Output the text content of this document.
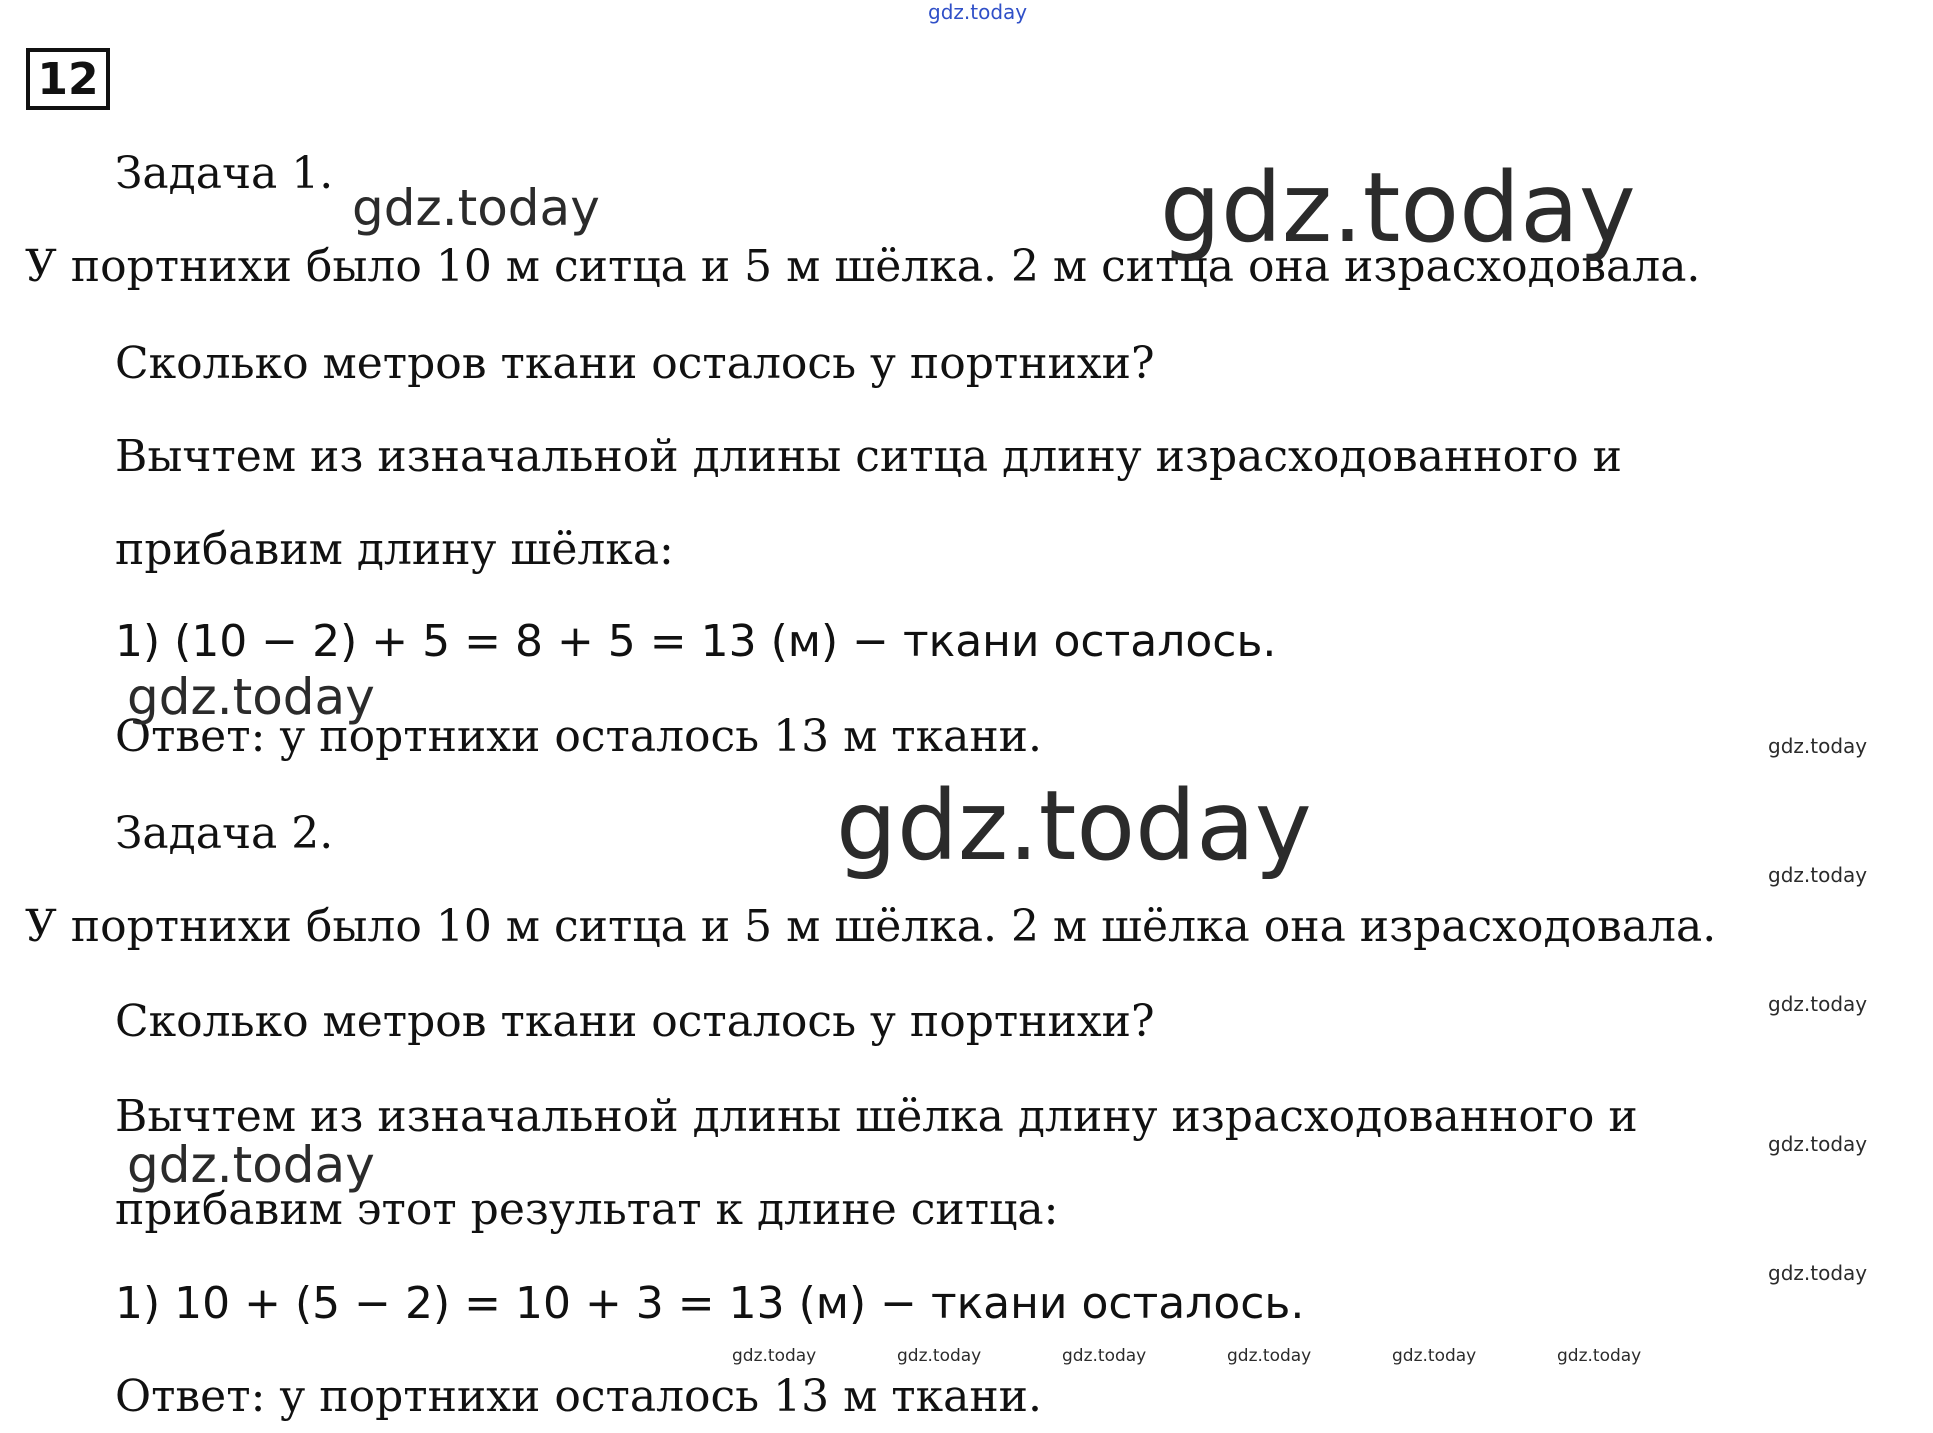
gdz.today
12
Задача 1.
У портнихи было 10 м ситца и 5 м шёлка. 2 м ситца она израсходовала.
Сколько метров ткани осталось у портнихи?
Вычтем из изначальной длины ситца длину израсходованного и
прибавим длину шёлка:
1) (10 − 2) + 5 = 8 + 5 = 13 (м) − ткани осталось.
Ответ: у портнихи осталось 13 м ткани.
Задача 2.
У портнихи было 10 м ситца и 5 м шёлка. 2 м шёлка она израсходовала.
Сколько метров ткани осталось у портнихи?
Вычтем из изначальной длины шёлка длину израсходованного и
прибавим этот результат к длине ситца:
1) 10 + (5 − 2) = 10 + 3 = 13 (м) − ткани осталось.
Ответ: у портнихи осталось 13 м ткани.
gdz.today	gdz.today
gdz.today
gdz.today
gdz.today
gdz.today
gdz.today
gdz.today
gdz.today
gdz.today
gdz.today	gdz.today	gdz.today	gdz.today	gdz.today	gdz.today
